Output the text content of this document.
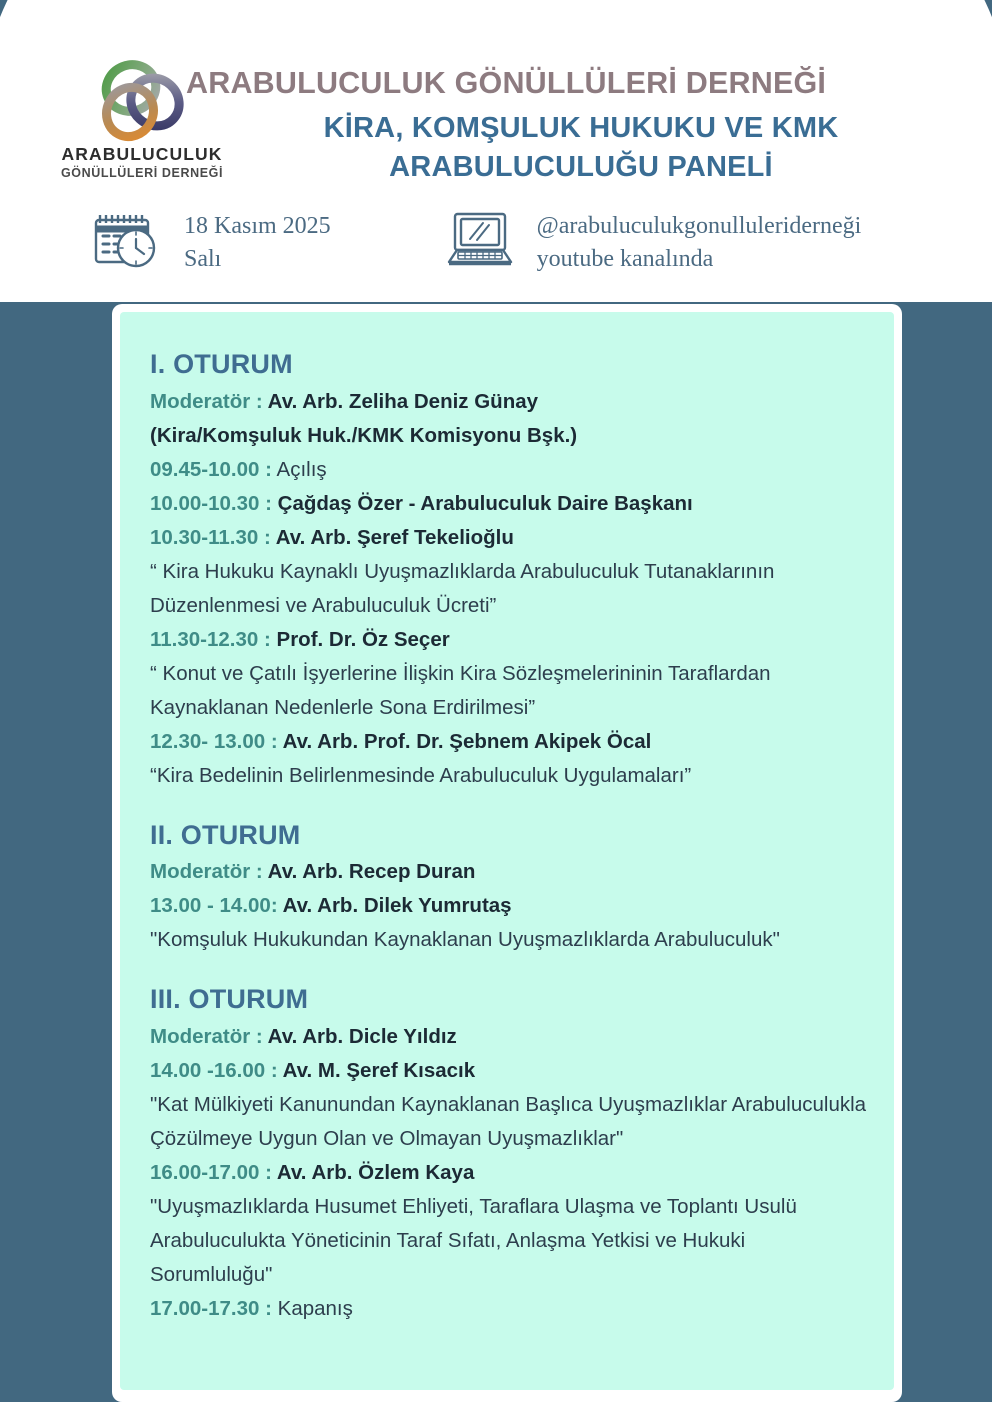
ARABULUCULUK
GÖNÜLLÜLERİ DERNEĞİ
ARABULUCULUK GÖNÜLLÜLERİ DERNEĞİ
KİRA, KOMŞULUK HUKUKU VE KMK
ARABULUCULUĞU PANELİ
18 Kasım 2025
Salı
@arabuluculukgonulluleriderneği
youtube kanalında
I. OTURUM
Moderatör : Av. Arb. Zeliha Deniz Günay
(Kira/Komşuluk Huk./KMK Komisyonu Bşk.)
09.45-10.00 : Açılış
10.00-10.30 : Çağdaş Özer - Arabuluculuk Daire Başkanı
10.30-11.30 : Av. Arb. Şeref Tekelioğlu
“ Kira Hukuku Kaynaklı Uyuşmazlıklarda Arabuluculuk Tutanaklarının Düzenlenmesi ve Arabuluculuk Ücreti”
11.30-12.30 : Prof. Dr. Öz Seçer
“ Konut ve Çatılı İşyerlerine İlişkin Kira Sözleşmelerininin Taraflardan Kaynaklanan Nedenlerle Sona Erdirilmesi”
12.30- 13.00 : Av. Arb. Prof. Dr. Şebnem Akipek Öcal
“Kira Bedelinin Belirlenmesinde Arabuluculuk Uygulamaları”
II. OTURUM
Moderatör : Av. Arb. Recep Duran
13.00 - 14.00: Av. Arb. Dilek Yumrutaş
"Komşuluk Hukukundan Kaynaklanan Uyuşmazlıklarda Arabuluculuk"
III. OTURUM
Moderatör : Av. Arb. Dicle Yıldız
14.00 -16.00 : Av. M. Şeref Kısacık
"Kat Mülkiyeti Kanunundan Kaynaklanan Başlıca Uyuşmazlıklar Arabuluculukla Çözülmeye Uygun Olan ve Olmayan Uyuşmazlıklar"
16.00-17.00 : Av. Arb. Özlem Kaya
"Uyuşmazlıklarda Husumet Ehliyeti, Taraflara Ulaşma ve Toplantı Usulü Arabuluculukta Yöneticinin Taraf Sıfatı, Anlaşma Yetkisi ve Hukuki Sorumluluğu"
17.00-17.30 : Kapanış
